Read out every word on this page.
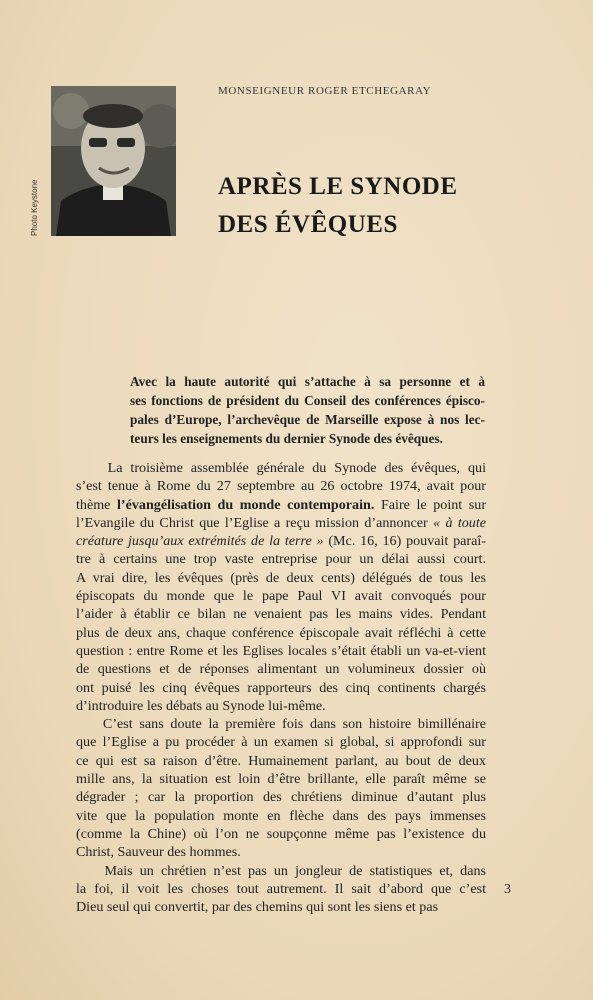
Photo Keystone
MONSEIGNEUR ROGER ETCHEGARAY
APRÈS LE SYNODE
DES ÉVÊQUES

Avec la haute autorité qui s’attache à sa personne et à
ses fonctions de président du Conseil des conférences épisco-
pales d’Europe, l’archevêque de Marseille expose à nos lec-
teurs les enseignements du dernier Synode des évêques.

La troisième assemblée générale du Synode des évêques, qui
s’est tenue à Rome du 27 septembre au 26 octobre 1974, avait pour
thème l’évangélisation du monde contemporain. Faire le point sur
l’Evangile du Christ que l’Eglise a reçu mission d’annoncer « à toute
créature jusqu’aux extrémités de la terre » (Mc. 16, 16) pouvait paraî-
tre à certains une trop vaste entreprise pour un délai aussi court.
A vrai dire, les évêques (près de deux cents) délégués de tous les
épiscopats du monde que le pape Paul VI avait convoqués pour
l’aider à établir ce bilan ne venaient pas les mains vides. Pendant
plus de deux ans, chaque conférence épiscopale avait réfléchi à cette
question : entre Rome et les Eglises locales s’était établi un va-et-vient
de questions et de réponses alimentant un volumineux dossier où
ont puisé les cinq évêques rapporteurs des cinq continents chargés
d’introduire les débats au Synode lui-même.
C’est sans doute la première fois dans son histoire bimillénaire
que l’Eglise a pu procéder à un examen si global, si approfondi sur
ce qui est sa raison d’être. Humainement parlant, au bout de deux
mille ans, la situation est loin d’être brillante, elle paraît même se
dégrader ; car la proportion des chrétiens diminue d’autant plus
vite que la population monte en flèche dans des pays immenses
(comme la Chine) où l’on ne soupçonne même pas l’existence du
Christ, Sauveur des hommes.
Mais un chrétien n’est pas un jongleur de statistiques et, dans
la foi, il voit les choses tout autrement. Il sait d’abord que c’est
Dieu seul qui convertit, par des chemins qui sont les siens et pas
3
